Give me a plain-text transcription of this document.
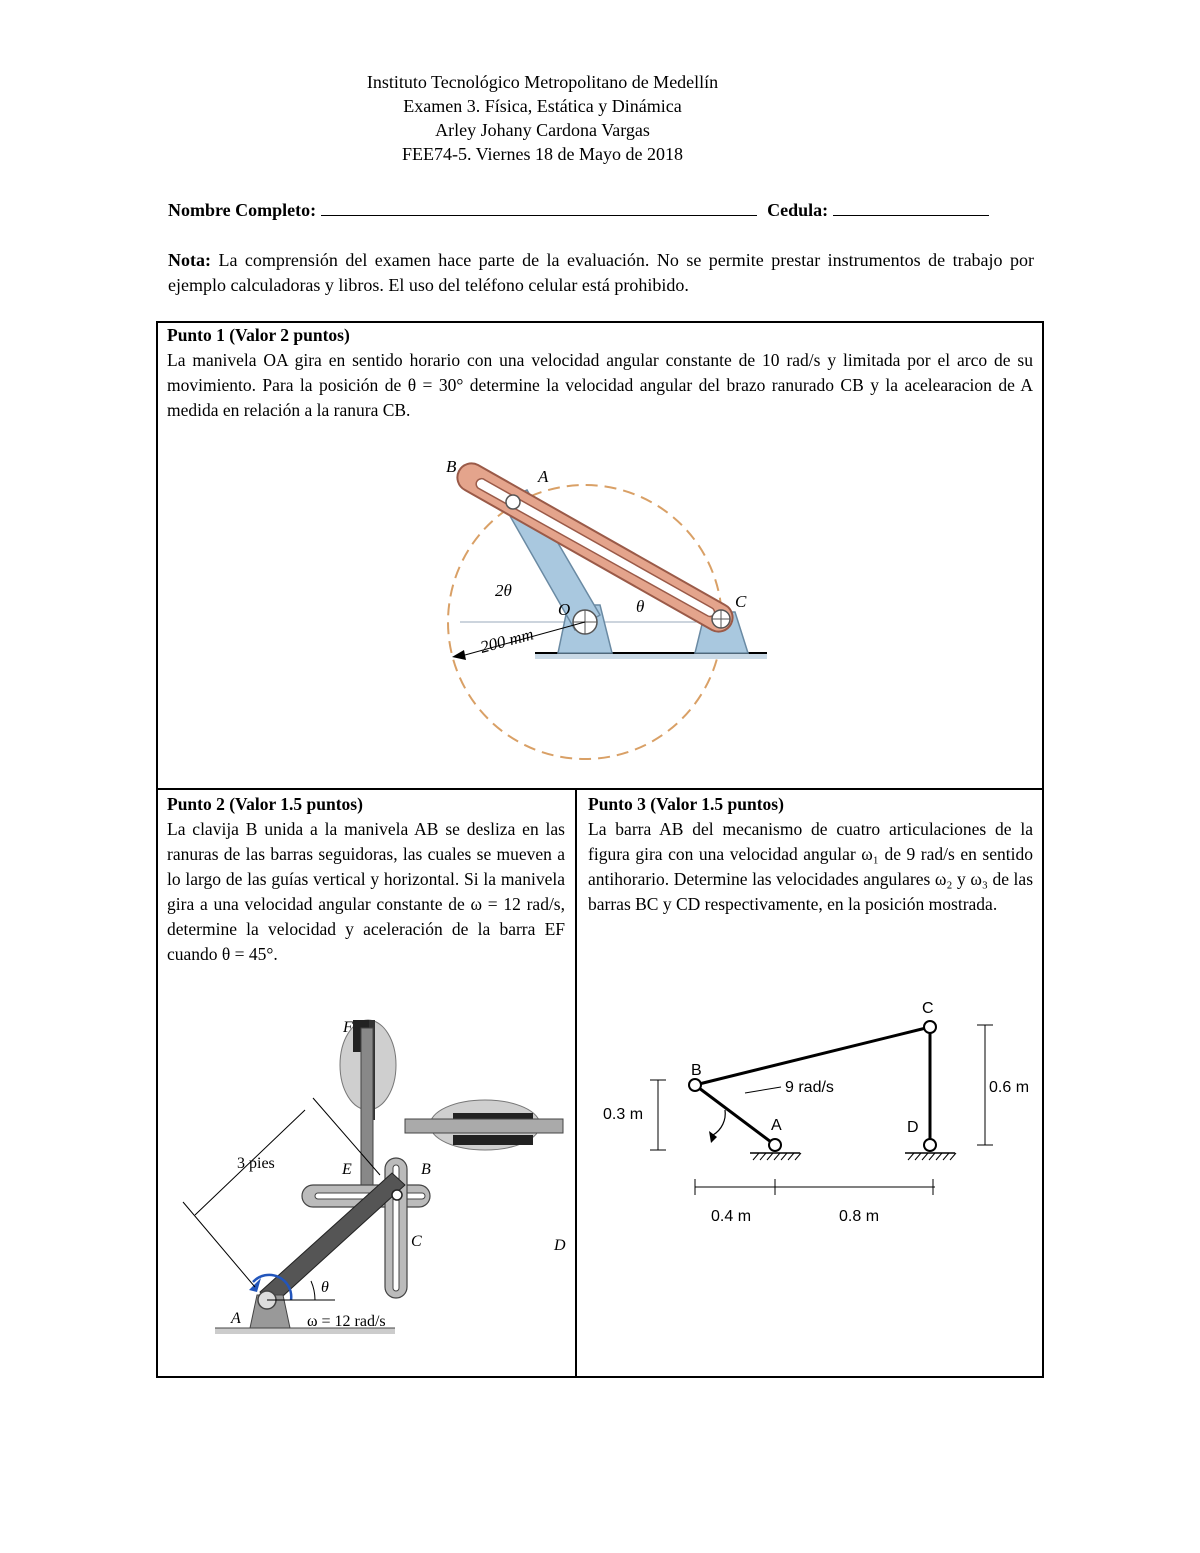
Instituto Tecnológico Metropolitano de Medellín
Examen 3. Física, Estática y Dinámica
Arley Johany Cardona Vargas
FEE74-5. Viernes 18 de Mayo de 2018
Nombre Completo:	Cedula:
Nota: La comprensión del examen hace parte de la evaluación. No se permite prestar instrumentos de trabajo por ejemplo calculadoras y libros. El uso del teléfono celular está prohibido.
Punto 1 (Valor 2 puntos)
La manivela OA gira en sentido horario con una velocidad angular constante de 10 rad/s y limitada por el arco de su movimiento. Para la posición de θ = 30° determine la velocidad angular del brazo ranurado CB y la acelearacion de A medida en relación a la ranura CB.
B
A
C
O
2θ
θ
200 mm
Punto 2 (Valor 1.5 puntos)
La clavija B unida a la manivela AB se desliza en las ranuras de las barras seguidoras, las cuales se mueven a lo largo de las guías vertical y horizontal. Si la manivela gira a una velocidad angular constante de ω = 12 rad/s, determine la velocidad y aceleración de la barra EF cuando θ = 45°.
F
E	B
C	D
A
3 pies
θ
ω = 12 rad/s
Punto 3 (Valor 1.5 puntos)
La barra AB del mecanismo de cuatro articulaciones de la figura gira con una velocidad angular ω₁ de 9 rad/s en sentido antihorario. Determine las velocidades angulares ω₂ y ω₃ de las barras BC y CD respectivamente, en la posición mostrada.
B
A
C
D
9 rad/s
0.3 m
0.6 m
0.4 m	0.8 m
